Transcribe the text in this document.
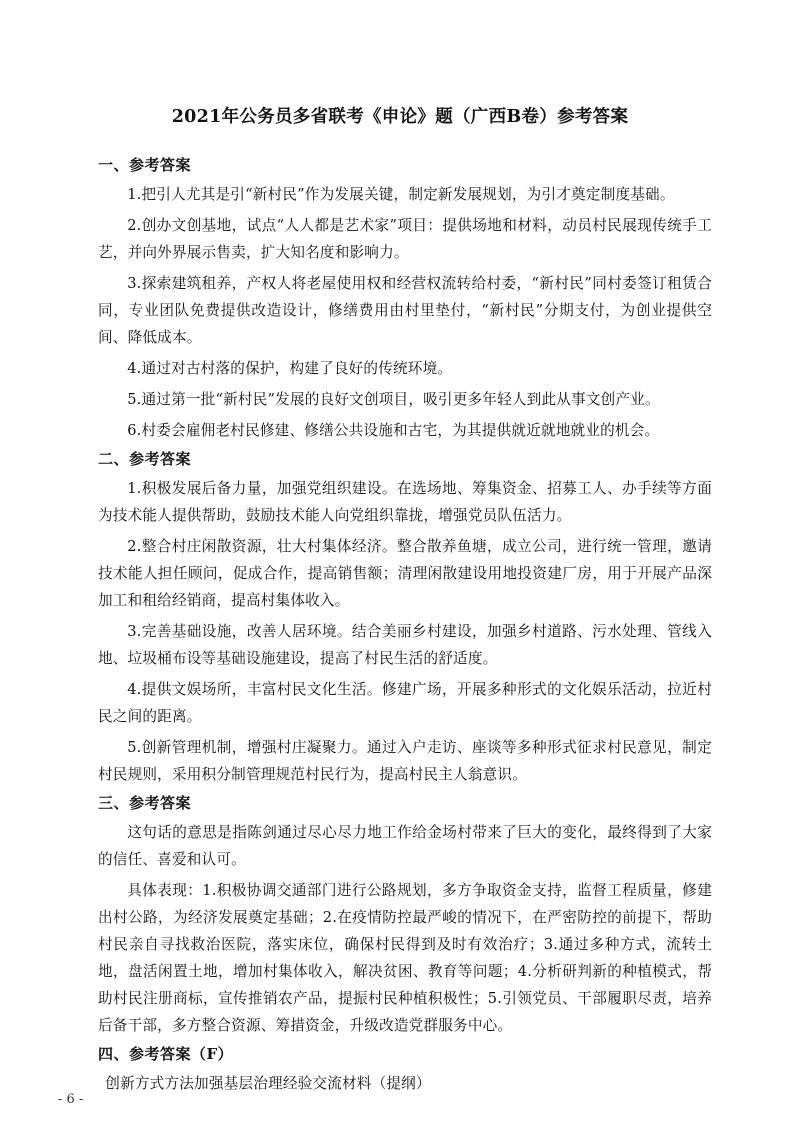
2021年公务员多省联考《申论》题（广西B卷）参考答案
一、参考答案
1.把引人尤其是引“新村民”作为发展关键，制定新发展规划，为引才奠定制度基础。
2.创办文创基地，试点“人人都是艺术家”项目：提供场地和材料，动员村民展现传统手工艺，并向外界展示售卖，扩大知名度和影响力。
3.探索建筑租养，产权人将老屋使用权和经营权流转给村委，“新村民”同村委签订租赁合同，专业团队免费提供改造设计，修缮费用由村里垫付，“新村民”分期支付，为创业提供空间、降低成本。
4.通过对古村落的保护，构建了良好的传统环境。
5.通过第一批“新村民”发展的良好文创项目，吸引更多年轻人到此从事文创产业。
6.村委会雇佣老村民修建、修缮公共设施和古宅，为其提供就近就地就业的机会。
二、参考答案
1.积极发展后备力量，加强党组织建设。在选场地、筹集资金、招募工人、办手续等方面为技术能人提供帮助，鼓励技术能人向党组织靠拢，增强党员队伍活力。
2.整合村庄闲散资源，壮大村集体经济。整合散养鱼塘，成立公司，进行统一管理，邀请技术能人担任顾问，促成合作，提高销售额；清理闲散建设用地投资建厂房，用于开展产品深加工和租给经销商，提高村集体收入。
3.完善基础设施，改善人居环境。结合美丽乡村建设，加强乡村道路、污水处理、管线入地、垃圾桶布设等基础设施建设，提高了村民生活的舒适度。
4.提供文娱场所，丰富村民文化生活。修建广场，开展多种形式的文化娱乐活动，拉近村民之间的距离。
5.创新管理机制，增强村庄凝聚力。通过入户走访、座谈等多种形式征求村民意见，制定村民规则，采用积分制管理规范村民行为，提高村民主人翁意识。
三、参考答案
这句话的意思是指陈剑通过尽心尽力地工作给金场村带来了巨大的变化，最终得到了大家的信任、喜爱和认可。
具体表现：1.积极协调交通部门进行公路规划，多方争取资金支持，监督工程质量，修建出村公路，为经济发展奠定基础；2.在疫情防控最严峻的情况下，在严密防控的前提下，帮助村民亲自寻找救治医院，落实床位，确保村民得到及时有效治疗；3.通过多种方式，流转土地，盘活闲置土地，增加村集体收入，解决贫困、教育等问题；4.分析研判新的种植模式，帮助村民注册商标，宣传推销农产品，提振村民种植积极性；5.引领党员、干部履职尽责，培养后备干部，多方整合资源、筹措资金，升级改造党群服务中心。
四、参考答案（F）
创新方式方法加强基层治理经验交流材料（提纲）
- 6 -
